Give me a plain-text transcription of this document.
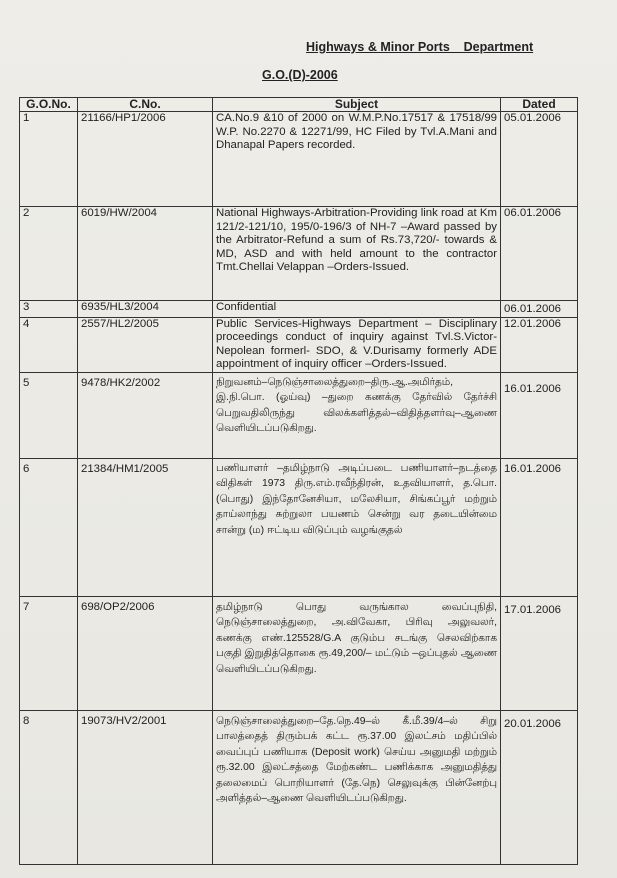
Highways & Minor Ports    Department
G.O.(D)-2006
G.O.No.	C.No.	Subject	Dated
1	21166/HP1/2006	CA.No.9 &10 of 2000 on W.M.P.No.17517 & 17518/99 W.P. No.2270 & 12271/99, HC Filed by Tvl.A.Mani and Dhanapal Papers recorded.	05.01.2006
2	6019/HW/2004	National Highways-Arbitration-Providing link road at Km 121/2-121/10, 195/0-196/3 of NH-7 –Award passed by the Arbitrator-Refund a sum of Rs.73,720/- towards & MD, ASD and with held amount to the contractor Tmt.Chellai Velappan –Orders-Issued.	06.01.2006
3	6935/HL3/2004	Confidential	06.01.2006
4	2557/HL2/2005	Public Services-Highways Department – Disciplinary proceedings conduct of inquiry against Tvl.S.Victor-Nepolean formerl- SDO, & V.Durisamy formerly ADE appointment of inquiry officer –Orders-Issued.	12.01.2006
5	9478/HK2/2002	நிறுவனம்–நெடுஞ்சாலைத்துறை–திரு.ஆ.அமிர்தம், இ.நி.பொ. (ஓய்வு) –துறை கணக்கு தேர்வில் தேர்ச்சி பெறுவதிலிருந்து விலக்களித்தல்–விதித்தளர்வு–ஆணை வெளியிடப்படுகிறது.	16.01.2006
6	21384/HM1/2005	பணியாளர் –தமிழ்நாடு அடிப்படை பணியாளர்–நடத்தை விதிகள் 1973 திரு.எம்.ரவீந்திரன், உதவியாளர், த.பொ.(பொது) இந்தோனேசியா, மலேசியா, சிங்கப்பூர் மற்றும் தாய்லாந்து சுற்றுலா பயணம் சென்று வர தடையின்மை சான்று (ம) ஈட்டிய விடுப்பும் வழங்குதல்	16.01.2006
7	698/OP2/2006	தமிழ்நாடு பொது வருங்கால வைப்புநிதி, நெடுஞ்சாலைத்துறை, அ.விவேகா, பிரிவு அலுவலர், கணக்கு எண்.125528/G.A குடும்ப சடங்கு செலவிற்காக பகுதி இறுதித்தொகை ரூ.49,200/– மட்டும் –ஒப்புதல் ஆணை வெளியிடப்படுகிறது.	17.01.2006
8	19073/HV2/2001	நெடுஞ்சாலைத்துறை–தே.நெ.49–ல் கீ.மீ.39/4–ல் சிறு பாலத்தைத் திரும்பக் கட்ட ரூ.37.00 இலட்சம் மதிப்பில் வைப்புப் பணியாக (Deposit work) செய்ய அனுமதி மற்றும் ரூ.32.00 இலட்சத்தை மேற்கண்ட பணிக்காக அனுமதித்து தலைமைப் பொறியாளர் (தே.நெ) செலுவுக்கு பின்னேற்பு அளித்தல்–ஆணை வெளியிடப்படுகிறது.	20.01.2006
